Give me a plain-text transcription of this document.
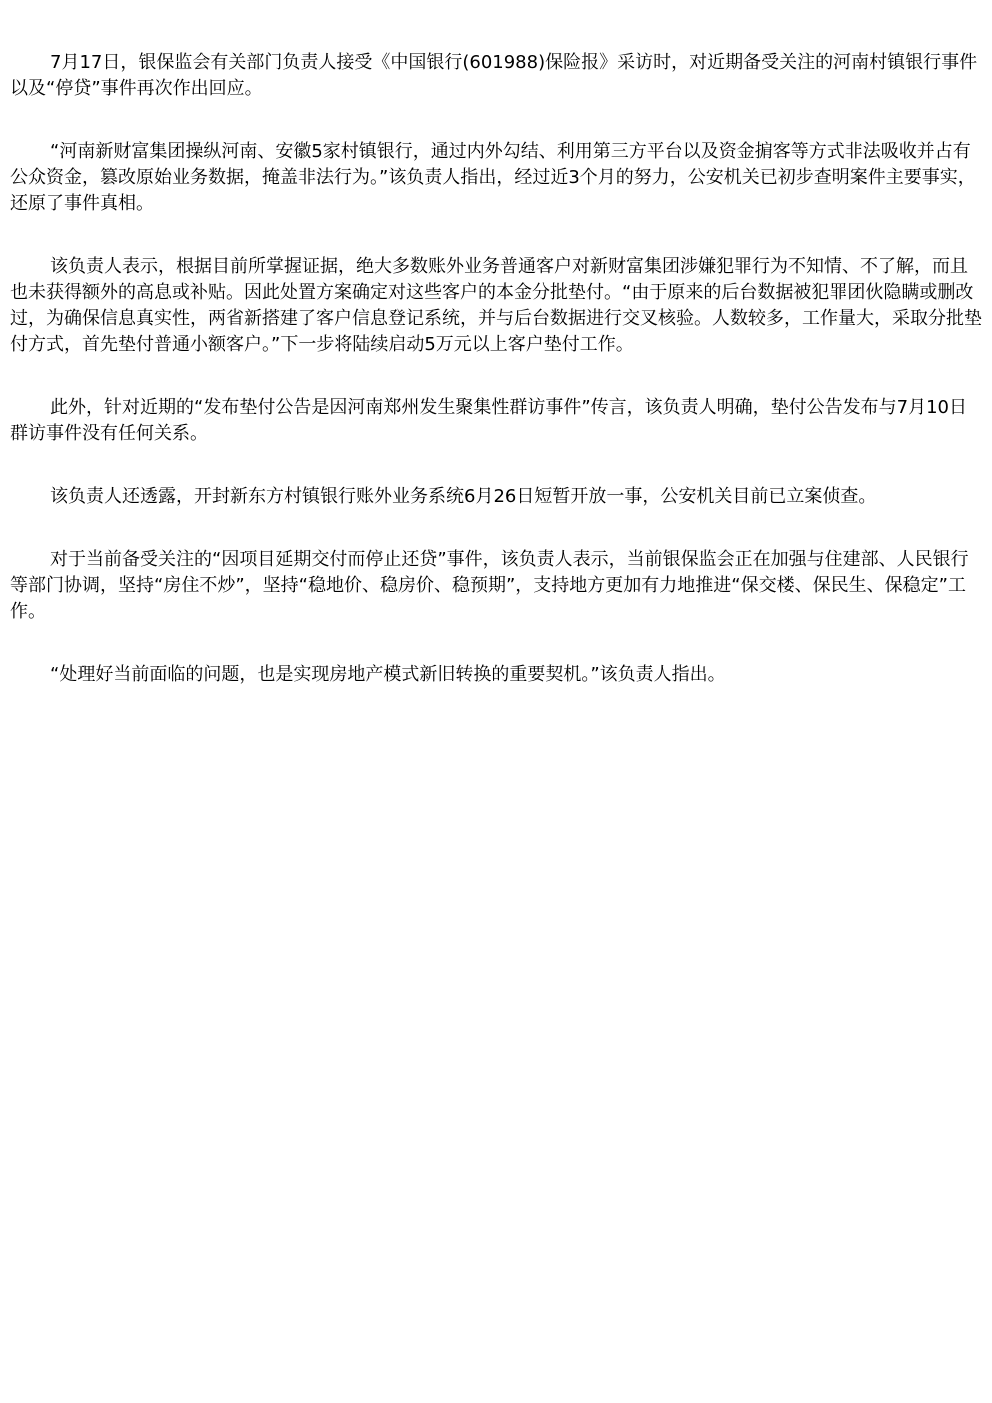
7月17日，银保监会有关部门负责人接受《中国银行(601988)保险报》采访时，对近期备受关注的河南村镇银行事件以及“停贷”事件再次作出回应。

“河南新财富集团操纵河南、安徽5家村镇银行，通过内外勾结、利用第三方平台以及资金掮客等方式非法吸收并占有公众资金，篡改原始业务数据，掩盖非法行为。”该负责人指出，经过近3个月的努力，公安机关已初步查明案件主要事实，还原了事件真相。

该负责人表示，根据目前所掌握证据，绝大多数账外业务普通客户对新财富集团涉嫌犯罪行为不知情、不了解，而且也未获得额外的高息或补贴。因此处置方案确定对这些客户的本金分批垫付。“由于原来的后台数据被犯罪团伙隐瞒或删改过，为确保信息真实性，两省新搭建了客户信息登记系统，并与后台数据进行交叉核验。人数较多，工作量大，采取分批垫付方式，首先垫付普通小额客户。”下一步将陆续启动5万元以上客户垫付工作。

此外，针对近期的“发布垫付公告是因河南郑州发生聚集性群访事件”传言，该负责人明确，垫付公告发布与7月10日群访事件没有任何关系。

该负责人还透露，开封新东方村镇银行账外业务系统6月26日短暂开放一事，公安机关目前已立案侦查。

对于当前备受关注的“因项目延期交付而停止还贷”事件，该负责人表示，当前银保监会正在加强与住建部、人民银行等部门协调，坚持“房住不炒”，坚持“稳地价、稳房价、稳预期”，支持地方更加有力地推进“保交楼、保民生、保稳定”工作。

“处理好当前面临的问题，也是实现房地产模式新旧转换的重要契机。”该负责人指出。
